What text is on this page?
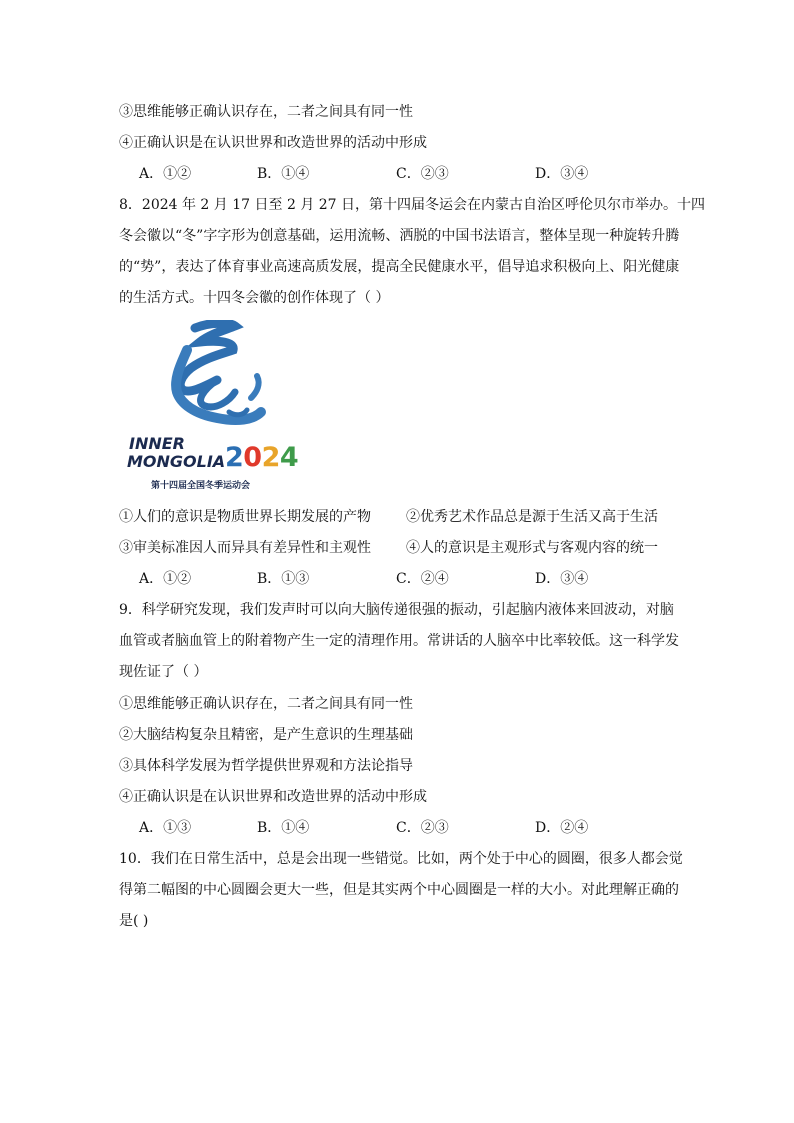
③思维能够正确认识存在，二者之间具有同一性
④正确认识是在认识世界和改造世界的活动中形成
A．①②	B．①④	C．②③	D．③④
8．2024 年 2 月 17 日至 2 月 27 日，第十四届冬运会在内蒙古自治区呼伦贝尔市举办。十四
冬会徽以“冬”字字形为创意基础，运用流畅、洒脱的中国书法语言，整体呈现一种旋转升腾
的“势”，表达了体育事业高速高质发展，提高全民健康水平，倡导追求积极向上、阳光健康
的生活方式。十四冬会徽的创作体现了（ ）
INNER
MONGOLIA 2024
第十四届全国冬季运动会
①人们的意识是物质世界长期发展的产物	②优秀艺术作品总是源于生活又高于生活
③审美标准因人而异具有差异性和主观性	④人的意识是主观形式与客观内容的统一
A．①②	B．①③	C．②④	D．③④
9．科学研究发现，我们发声时可以向大脑传递很强的振动，引起脑内液体来回波动，对脑
血管或者脑血管上的附着物产生一定的清理作用。常讲话的人脑卒中比率较低。这一科学发
现佐证了（ ）
①思维能够正确认识存在，二者之间具有同一性
②大脑结构复杂且精密，是产生意识的生理基础
③具体科学发展为哲学提供世界观和方法论指导
④正确认识是在认识世界和改造世界的活动中形成
A．①③	B．①④	C．②③	D．②④
10．我们在日常生活中，总是会出现一些错觉。比如，两个处于中心的圆圈，很多人都会觉
得第二幅图的中心圆圈会更大一些，但是其实两个中心圆圈是一样的大小。对此理解正确的
是( )
